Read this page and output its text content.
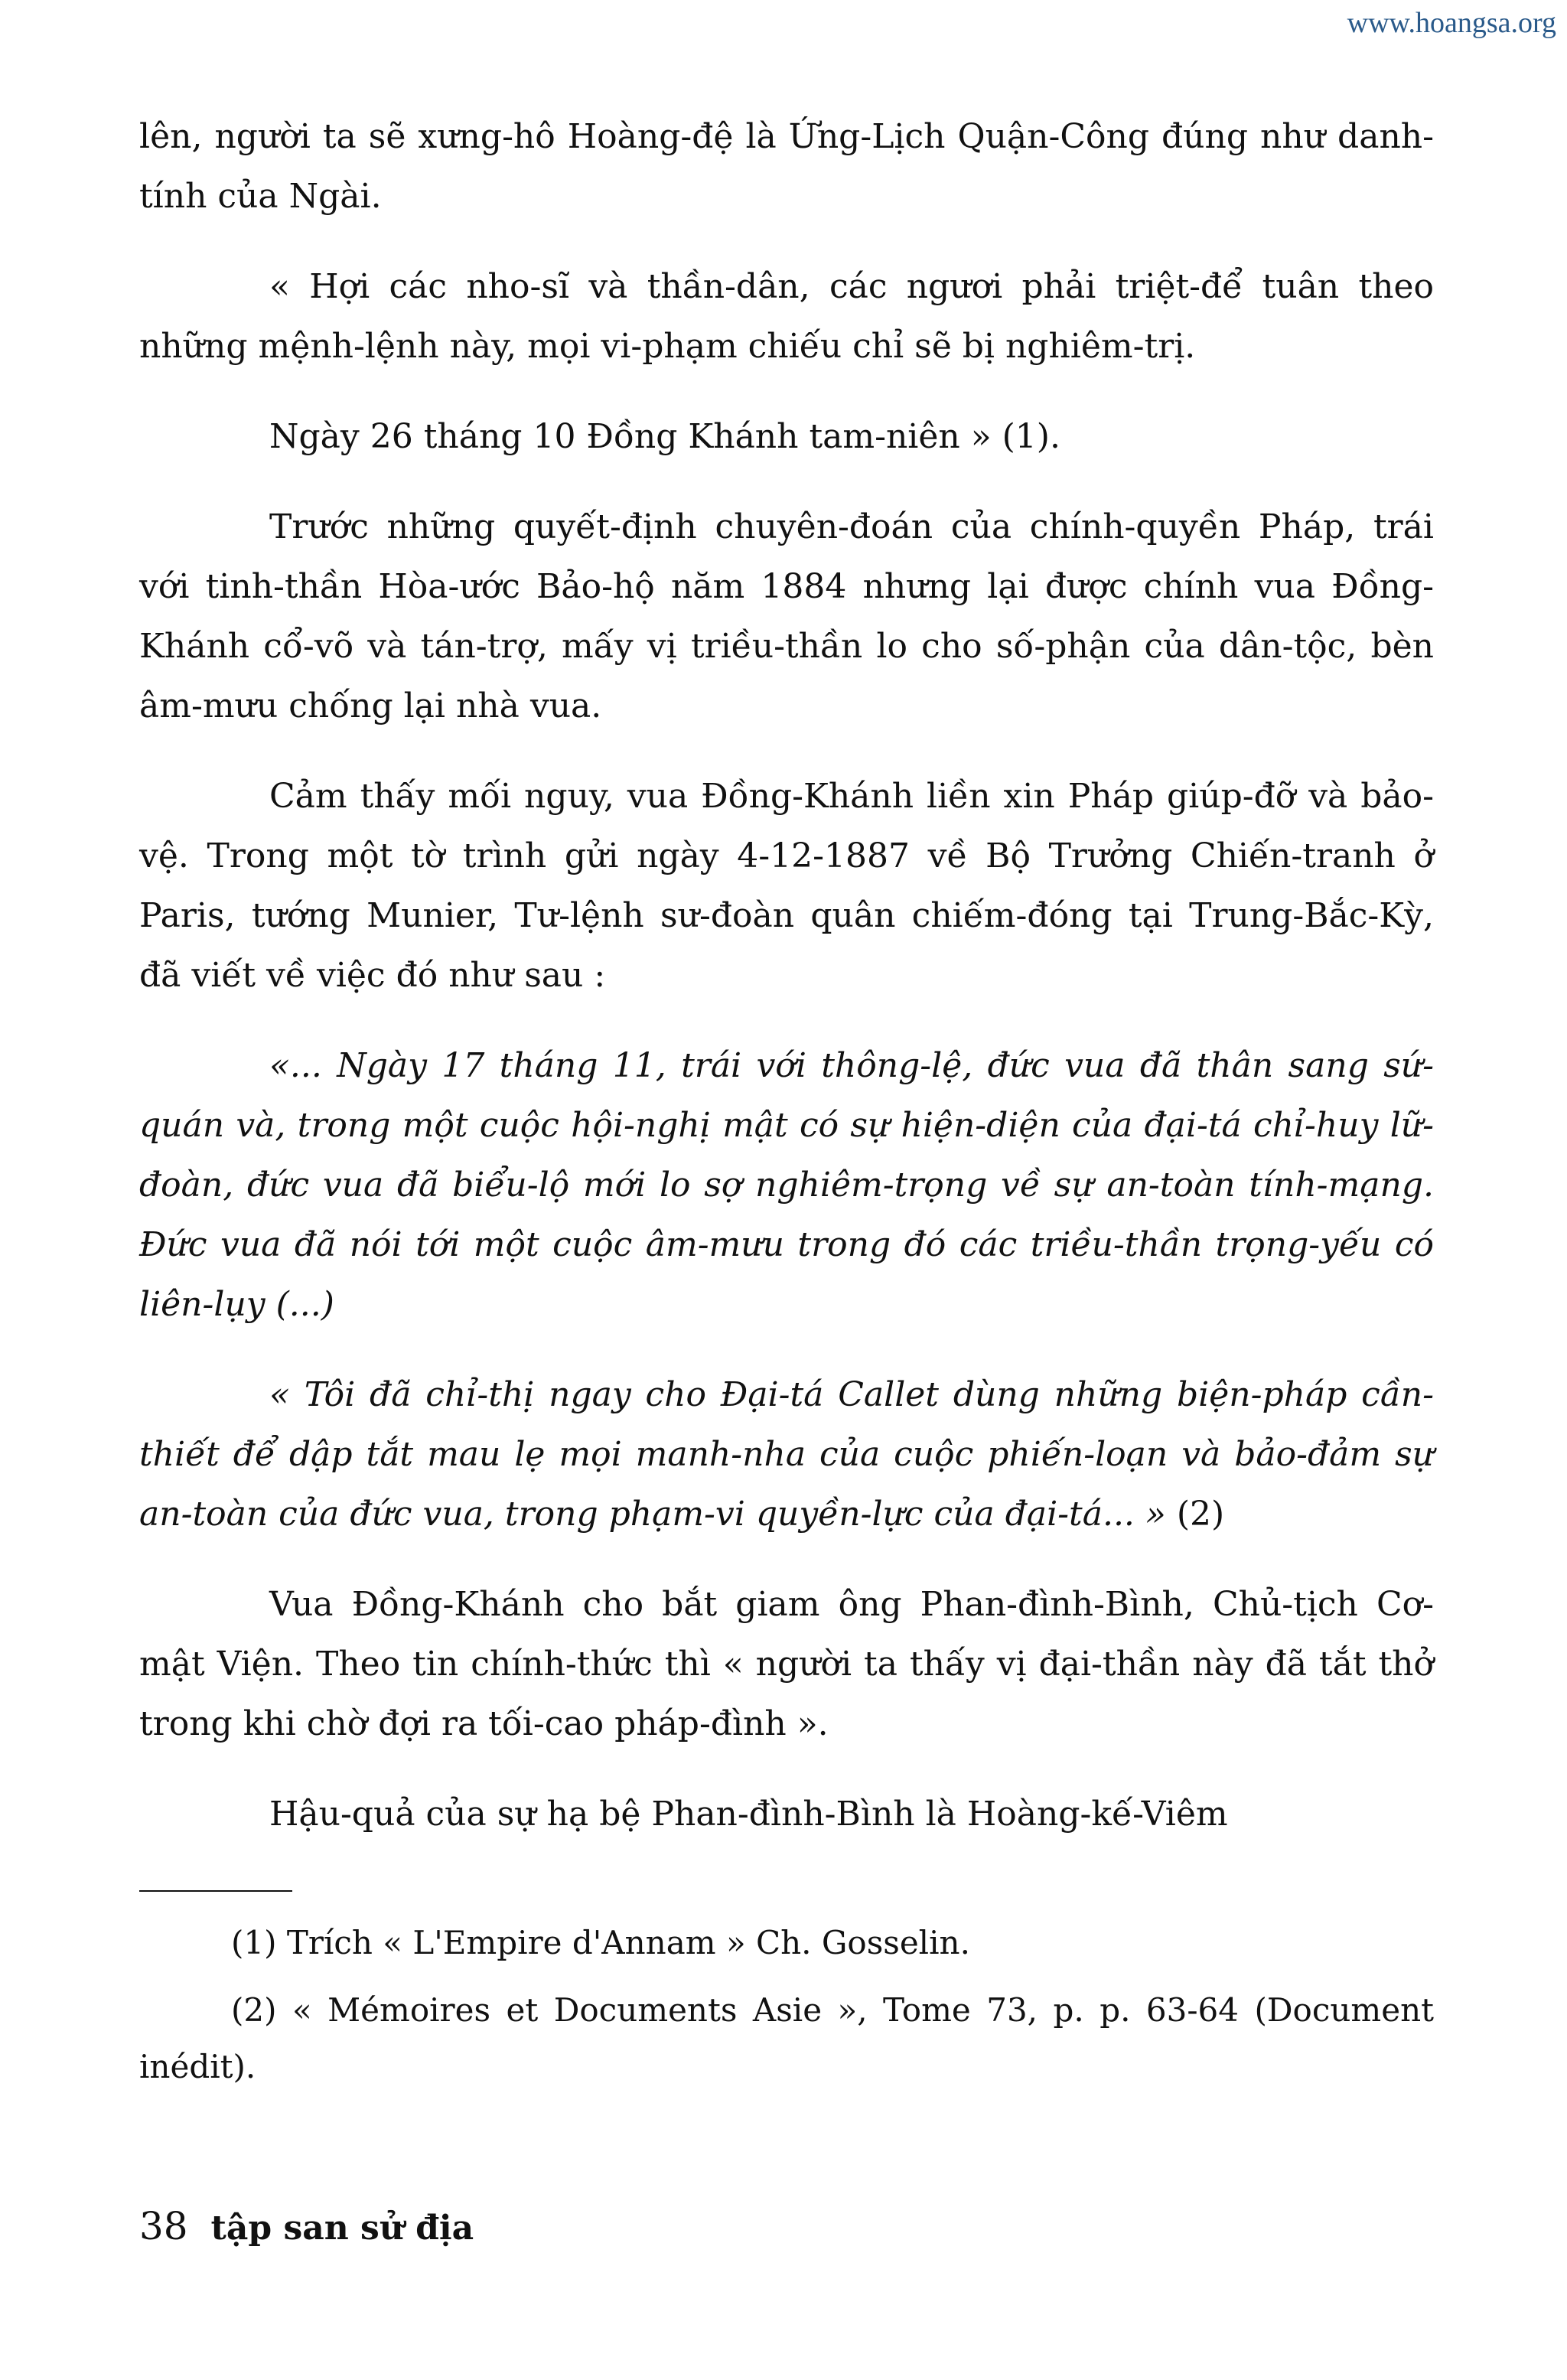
www.hoangsa.org

lên, người ta sẽ xưng-hô Hoàng-đệ là Ứng-Lịch Quận-Công đúng như danh-tính của Ngài.

« Hợi các nho-sĩ và thần-dân, các ngươi phải triệt-để tuân theo những mệnh-lệnh này, mọi vi-phạm chiếu chỉ sẽ bị nghiêm-trị.

Ngày 26 tháng 10 Đồng Khánh tam-niên » (1).

Trước những quyết-định chuyên-đoán của chính-quyền Pháp, trái với tinh-thần Hòa-ước Bảo-hộ năm 1884 nhưng lại được chính vua Đồng-Khánh cổ-võ và tán-trợ, mấy vị triều-thần lo cho số-phận của dân-tộc, bèn âm-mưu chống lại nhà vua.

Cảm thấy mối nguy, vua Đồng-Khánh liền xin Pháp giúp-đỡ và bảo-vệ. Trong một tờ trình gửi ngày 4-12-1887 về Bộ Trưởng Chiến-tranh ở Paris, tướng Munier, Tư-lệnh sư-đoàn quân chiếm-đóng tại Trung-Bắc-Kỳ, đã viết về việc đó như sau :

«... Ngày 17 tháng 11, trái với thông-lệ, đức vua đã thân sang sứ-quán và, trong một cuộc hội-nghị mật có sự hiện-diện của đại-tá chỉ-huy lữ-đoàn, đức vua đã biểu-lộ mới lo sợ nghiêm-trọng về sự an-toàn tính-mạng. Đức vua đã nói tới một cuộc âm-mưu trong đó các triều-thần trọng-yếu có liên-lụy (...)

« Tôi đã chỉ-thị ngay cho Đại-tá Callet dùng những biện-pháp cần-thiết để dập tắt mau lẹ mọi manh-nha của cuộc phiến-loạn và bảo-đảm sự an-toàn của đức vua, trong phạm-vi quyền-lực của đại-tá... » (2)

Vua Đồng-Khánh cho bắt giam ông Phan-đình-Bình, Chủ-tịch Cơ-mật Viện. Theo tin chính-thức thì « người ta thấy vị đại-thần này đã tắt thở trong khi chờ đợi ra tối-cao pháp-đình ».

Hậu-quả của sự hạ bệ Phan-đình-Bình là Hoàng-kế-Viêm

(1) Trích « L'Empire d'Annam » Ch. Gosselin.

(2) « Mémoires et Documents Asie », Tome 73, p. p. 63-64 (Document inédit).

38 tập san sử địa
